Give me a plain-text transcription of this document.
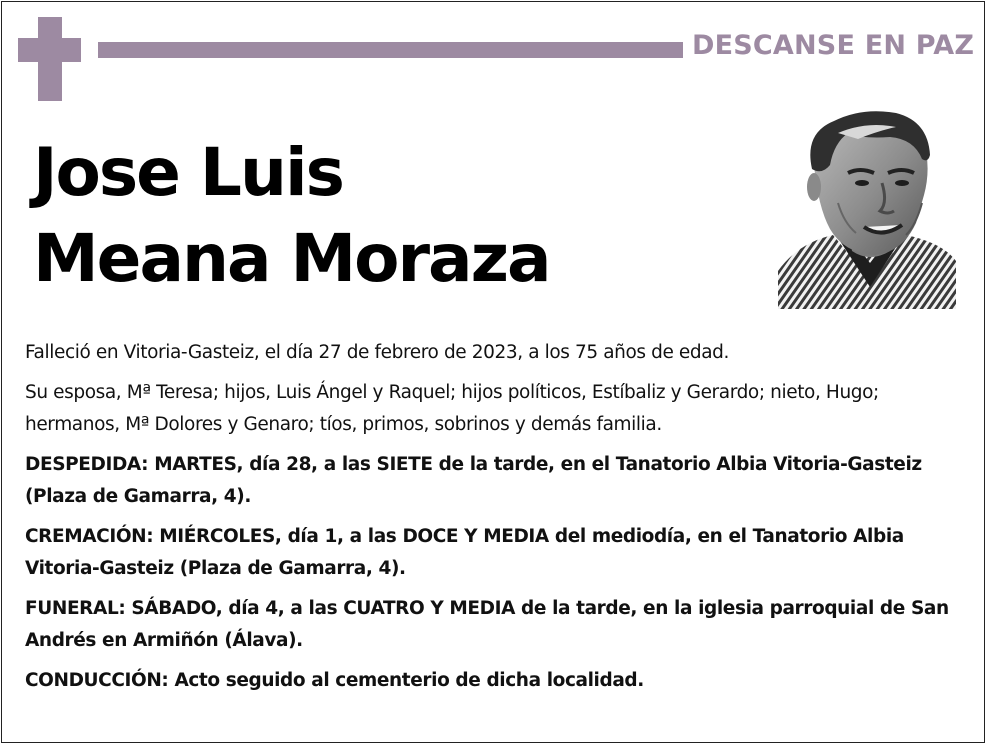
DESCANSE EN PAZ
Jose Luis
Meana Moraza

Falleció en Vitoria-Gasteiz, el día 27 de febrero de 2023, a los 75 años de edad.

Su esposa, Mª Teresa; hijos, Luis Ángel y Raquel; hijos políticos, Estíbaliz y Gerardo; nieto, Hugo; hermanos, Mª Dolores y Genaro; tíos, primos, sobrinos y demás familia.

DESPEDIDA: MARTES, día 28, a las SIETE de la tarde, en el Tanatorio Albia Vitoria-Gasteiz (Plaza de Gamarra, 4).

CREMACIÓN: MIÉRCOLES, día 1, a las DOCE Y MEDIA del mediodía, en el Tanatorio Albia Vitoria-Gasteiz (Plaza de Gamarra, 4).

FUNERAL: SÁBADO, día 4, a las CUATRO Y MEDIA de la tarde, en la iglesia parroquial de San Andrés en Armiñón (Álava).

CONDUCCIÓN: Acto seguido al cementerio de dicha localidad.
